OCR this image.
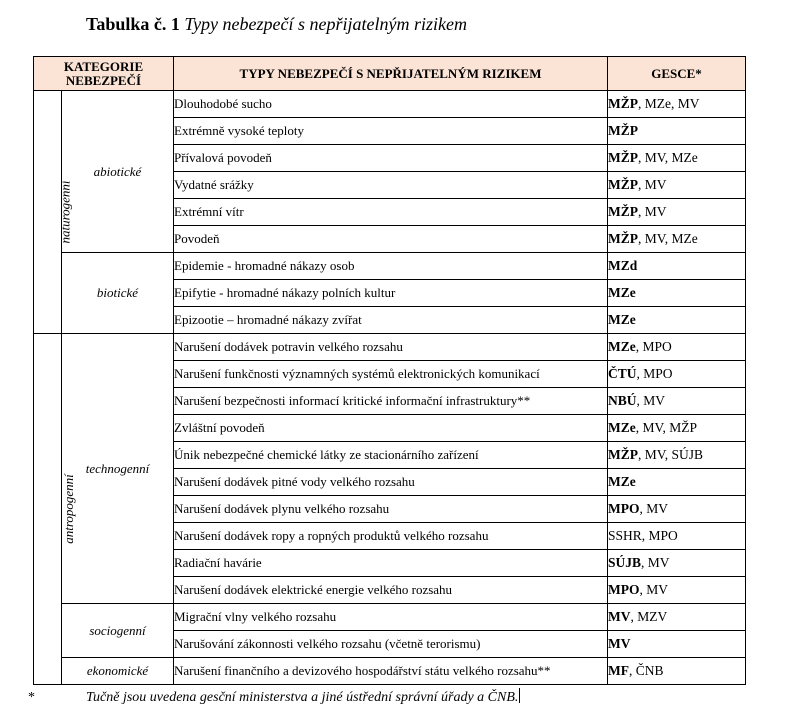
Tabulka č. 1 Typy nebezpečí s nepřijatelným rizikem
KATEGORIE
NEBEZPEČÍ		TYPY NEBEZPEČÍ S NEPŘIJATELNÝM RIZIKEM	GESCE*
naturogenní	abiotické	Dlouhodobé sucho	MŽP, MZe, MV
		Extrémně vysoké teploty	MŽP
		Přívalová povodeň	MŽP, MV, MZe
		Vydatné srážky	MŽP, MV
		Extrémní vítr	MŽP, MV
		Povodeň	MŽP, MV, MZe
	biotické	Epidemie - hromadné nákazy osob	MZd
		Epifytie - hromadné nákazy polních kultur	MZe
		Epizootie – hromadné nákazy zvířat	MZe
antropogenní	technogenní	Narušení dodávek potravin velkého rozsahu	MZe, MPO
		Narušení funkčnosti významných systémů elektronických komunikací	ČTÚ, MPO
		Narušení bezpečnosti informací kritické informační infrastruktury**	NBÚ, MV
		Zvláštní povodeň	MZe, MV, MŽP
		Únik nebezpečné chemické látky ze stacionárního zařízení	MŽP, MV, SÚJB
		Narušení dodávek pitné vody velkého rozsahu	MZe
		Narušení dodávek plynu velkého rozsahu	MPO, MV
		Narušení dodávek ropy a ropných produktů velkého rozsahu	SSHR, MPO
		Radiační havárie	SÚJB, MV
		Narušení dodávek elektrické energie velkého rozsahu	MPO, MV
	sociogenní	Migrační vlny velkého rozsahu	MV, MZV
		Narušování zákonnosti velkého rozsahu (včetně terorismu)	MV
	ekonomické	Narušení finančního a devizového hospodářství státu velkého rozsahu**	MF, ČNB
*	Tučně jsou uvedena gesční ministerstva a jiné ústřední správní úřady a ČNB.
